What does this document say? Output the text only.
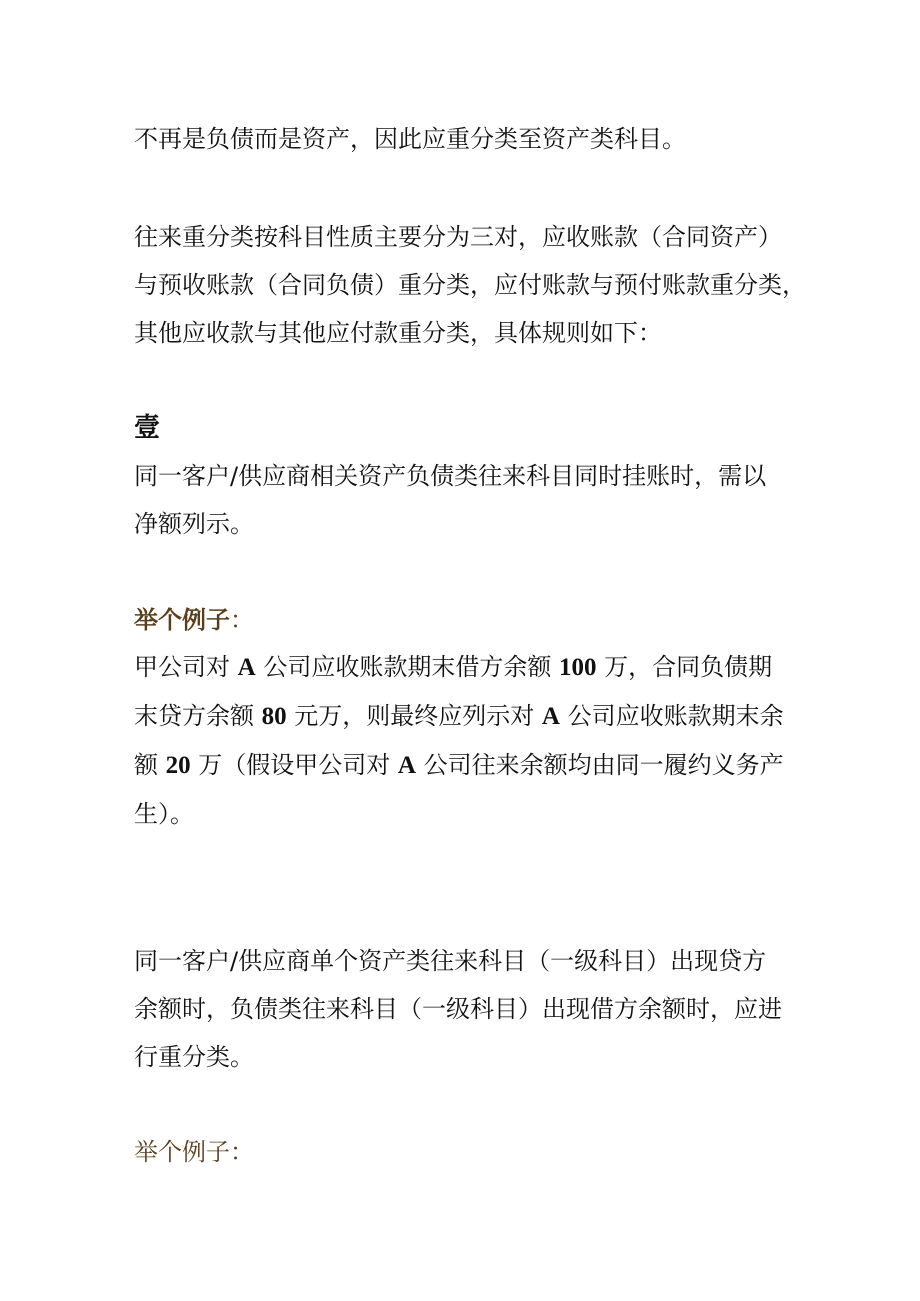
不再是负债而是资产，因此应重分类至资产类科目。

往来重分类按科目性质主要分为三对，应收账款（合同资产）
与预收账款（合同负债）重分类，应付账款与预付账款重分类，
其他应收款与其他应付款重分类，具体规则如下：

壹

同一客户/供应商相关资产负债类往来科目同时挂账时，需以
净额列示。

举个例子：

甲公司对 A 公司应收账款期末借方余额 100 万，合同负债期
末贷方余额 80 元万，则最终应列示对 A 公司应收账款期末余
额 20 万（假设甲公司对 A 公司往来余额均由同一履约义务产
生）。

同一客户/供应商单个资产类往来科目（一级科目）出现贷方
余额时，负债类往来科目（一级科目）出现借方余额时，应进
行重分类。

举个例子：
